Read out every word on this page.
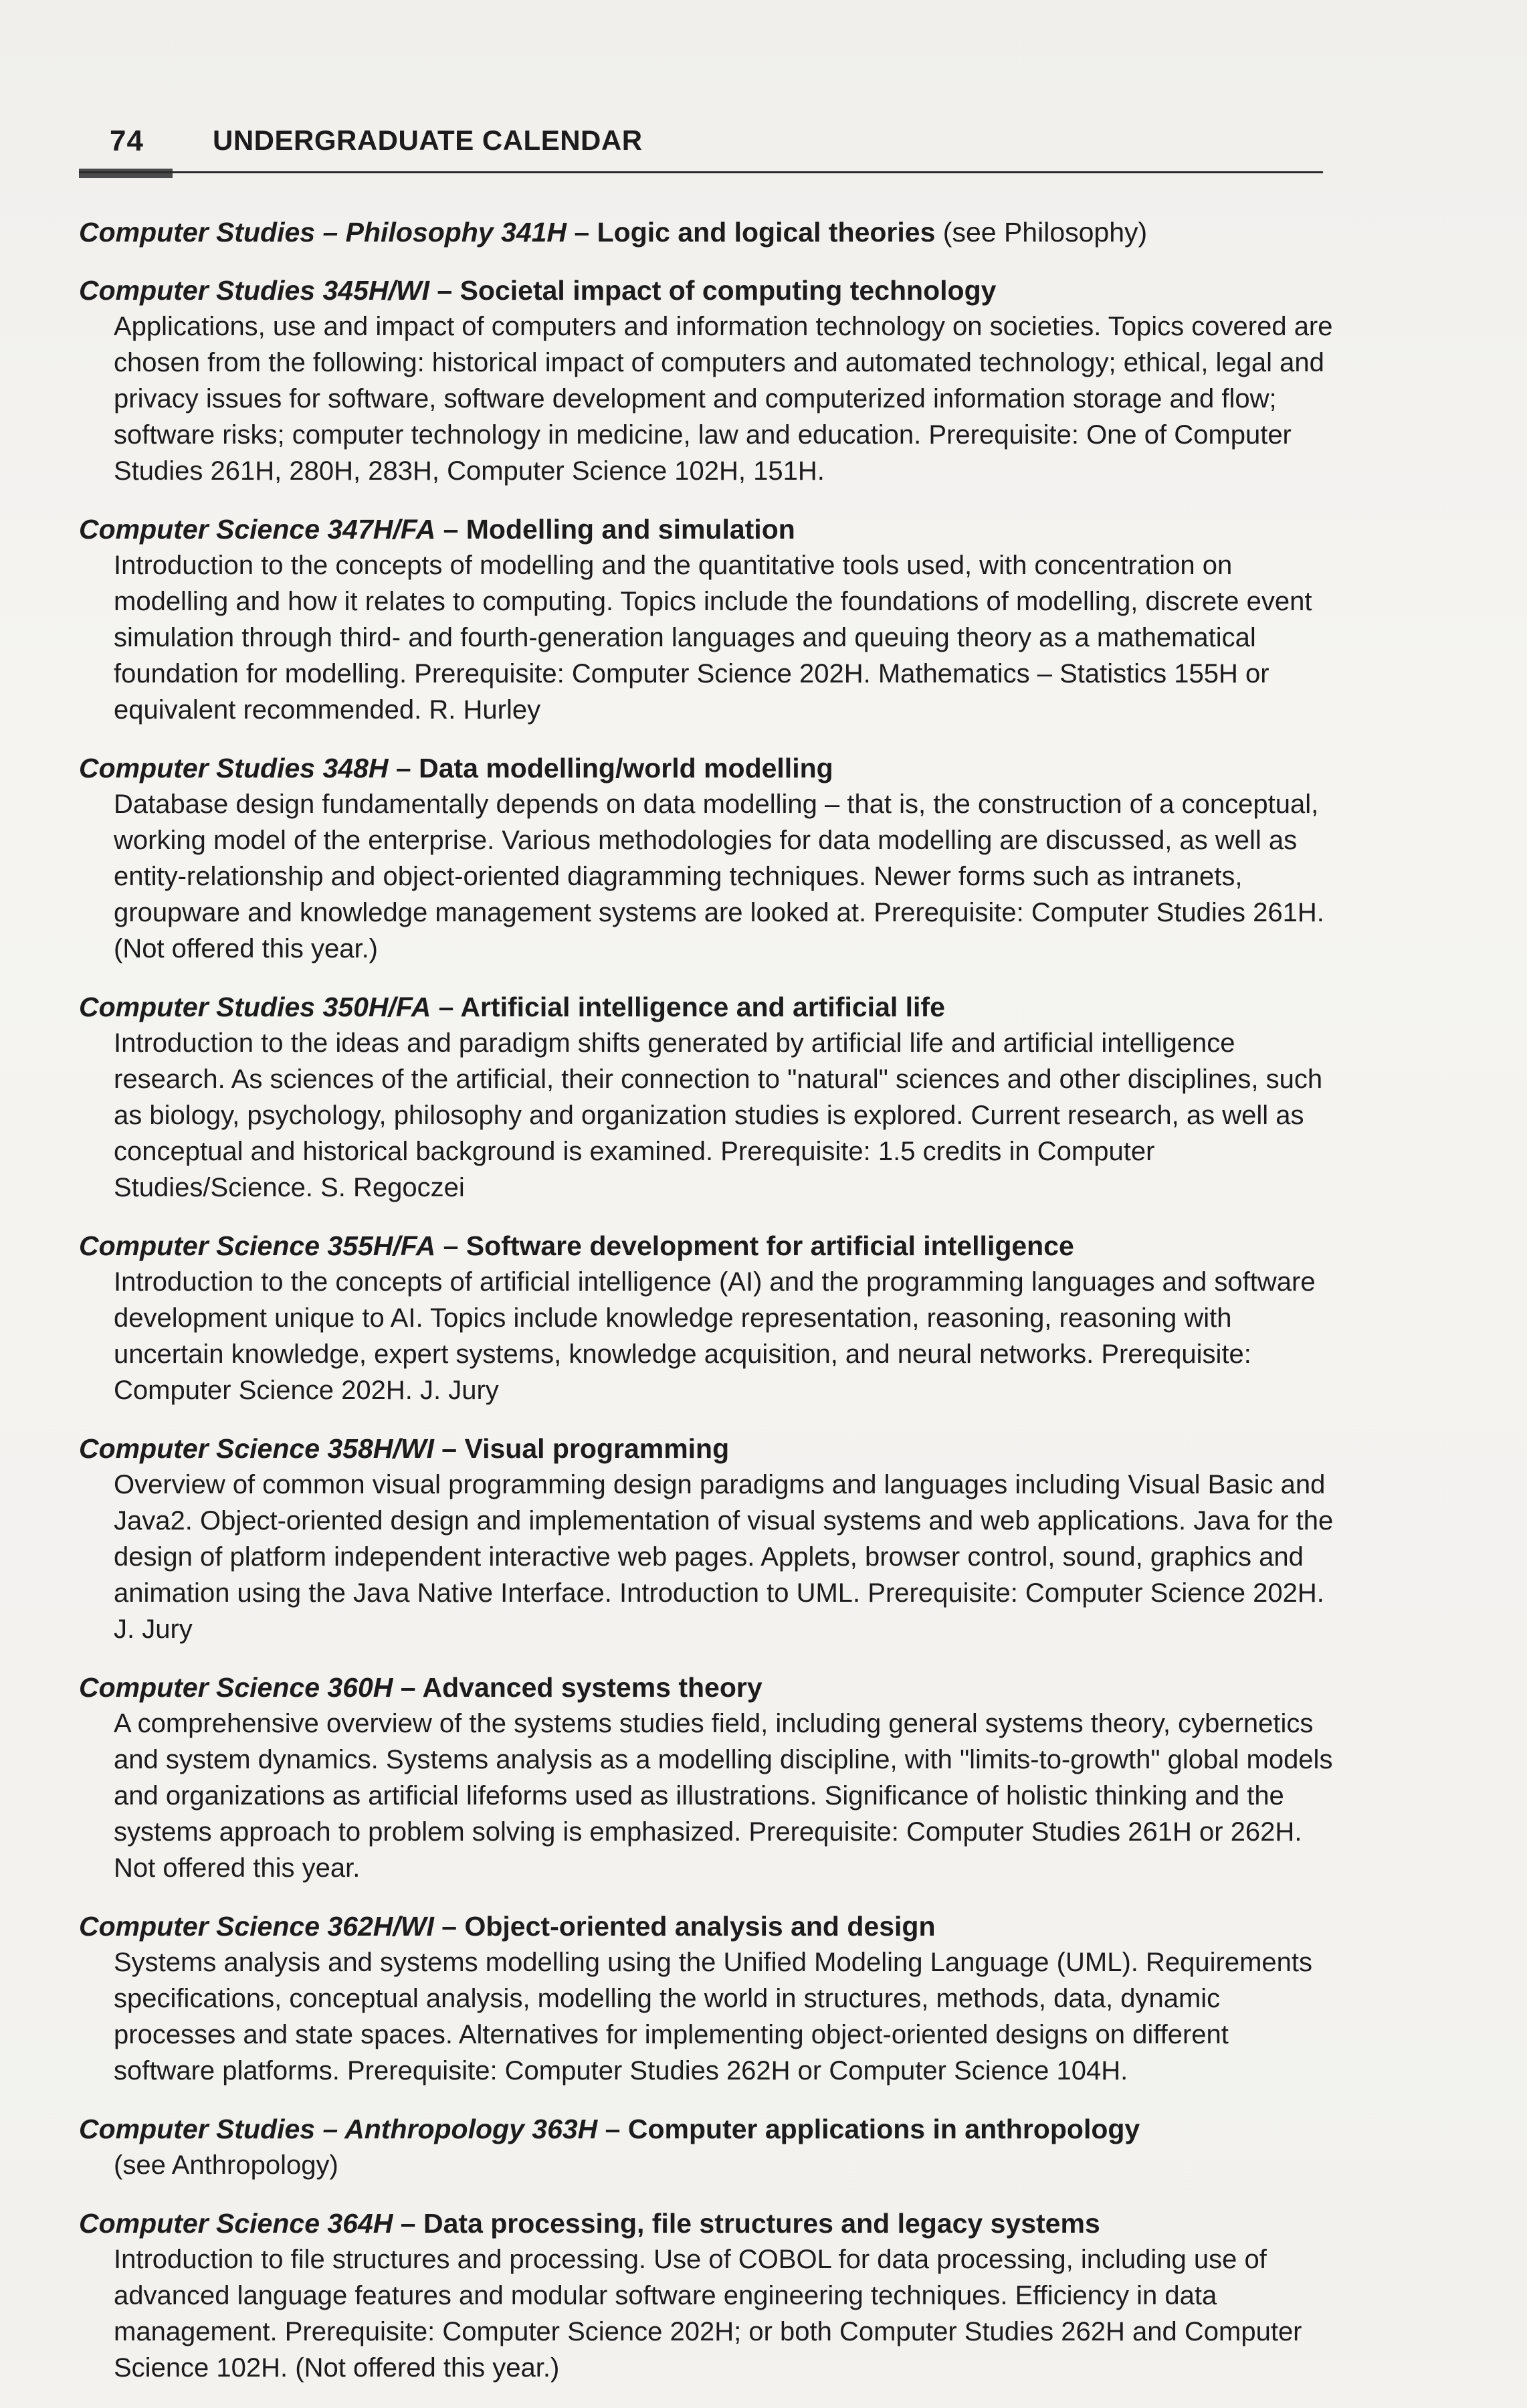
74 UNDERGRADUATE CALENDAR

Computer Studies – Philosophy 341H – Logic and logical theories (see Philosophy)

Computer Studies 345H/WI – Societal impact of computing technology

Applications, use and impact of computers and information technology on societies. Topics covered are chosen from the following: historical impact of computers and automated technology; ethical, legal and privacy issues for software, software development and computerized information storage and flow; software risks; computer technology in medicine, law and education. Prerequisite: One of Computer Studies 261H, 280H, 283H, Computer Science 102H, 151H.

Computer Science 347H/FA – Modelling and simulation

Introduction to the concepts of modelling and the quantitative tools used, with concentration on modelling and how it relates to computing. Topics include the foundations of modelling, discrete event simulation through third- and fourth-generation languages and queuing theory as a mathematical foundation for modelling. Prerequisite: Computer Science 202H. Mathematics – Statistics 155H or equivalent recommended. R. Hurley

Computer Studies 348H – Data modelling/world modelling

Database design fundamentally depends on data modelling – that is, the construction of a conceptual, working model of the enterprise. Various methodologies for data modelling are discussed, as well as entity-relationship and object-oriented diagramming techniques. Newer forms such as intranets, groupware and knowledge management systems are looked at. Prerequisite: Computer Studies 261H. (Not offered this year.)

Computer Studies 350H/FA – Artificial intelligence and artificial life

Introduction to the ideas and paradigm shifts generated by artificial life and artificial intelligence research. As sciences of the artificial, their connection to "natural" sciences and other disciplines, such as biology, psychology, philosophy and organization studies is explored. Current research, as well as conceptual and historical background is examined. Prerequisite: 1.5 credits in Computer Studies/Science. S. Regoczei

Computer Science 355H/FA – Software development for artificial intelligence

Introduction to the concepts of artificial intelligence (AI) and the programming languages and software development unique to AI. Topics include knowledge representation, reasoning, reasoning with uncertain knowledge, expert systems, knowledge acquisition, and neural networks. Prerequisite: Computer Science 202H. J. Jury

Computer Science 358H/WI – Visual programming

Overview of common visual programming design paradigms and languages including Visual Basic and Java2. Object-oriented design and implementation of visual systems and web applications. Java for the design of platform independent interactive web pages. Applets, browser control, sound, graphics and animation using the Java Native Interface. Introduction to UML. Prerequisite: Computer Science 202H. J. Jury

Computer Science 360H – Advanced systems theory

A comprehensive overview of the systems studies field, including general systems theory, cybernetics and system dynamics. Systems analysis as a modelling discipline, with "limits-to-growth" global models and organizations as artificial lifeforms used as illustrations. Significance of holistic thinking and the systems approach to problem solving is emphasized. Prerequisite: Computer Studies 261H or 262H. Not offered this year.

Computer Science 362H/WI – Object-oriented analysis and design

Systems analysis and systems modelling using the Unified Modeling Language (UML). Requirements specifications, conceptual analysis, modelling the world in structures, methods, data, dynamic processes and state spaces. Alternatives for implementing object-oriented designs on different software platforms. Prerequisite: Computer Studies 262H or Computer Science 104H.

Computer Studies – Anthropology 363H – Computer applications in anthropology

(see Anthropology)

Computer Science 364H – Data processing, file structures and legacy systems

Introduction to file structures and processing. Use of COBOL for data processing, including use of advanced language features and modular software engineering techniques. Efficiency in data management. Prerequisite: Computer Science 202H; or both Computer Studies 262H and Computer Science 102H. (Not offered this year.)
